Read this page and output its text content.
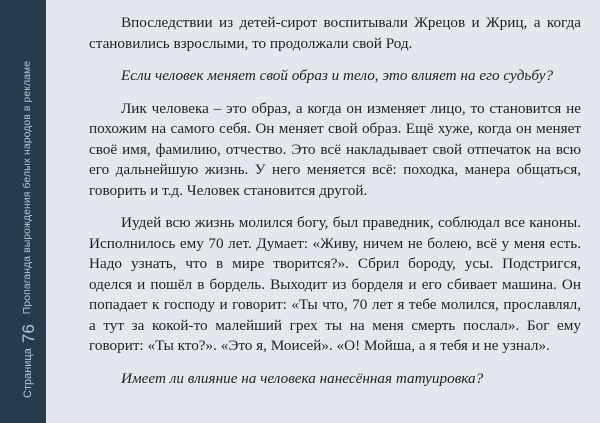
Страница
76
Пропаганда вырождения белых народов в рекламе

Впоследствии из детей-сирот воспитывали Жрецов и Жриц, а когда становились взрослыми, то продолжали свой Род.

Если человек меняет свой образ и тело, это влияет на его судьбу?

Лик человека – это образ, а когда он изменяет лицо, то становится не похожим на самого себя. Он меняет свой образ. Ещё хуже, когда он меняет своё имя, фамилию, отчество. Это всё накладывает свой отпечаток на всю его дальнейшую жизнь. У него меняется всё: походка, манера общаться, говорить и т.д. Человек становится другой.

Иудей всю жизнь молился богу, был праведник, соблюдал все каноны. Исполнилось ему 70 лет. Думает: «Живу, ничем не болею, всё у меня есть. Надо узнать, что в мире творится?». Сбрил бороду, усы. Подстригся, оделся и пошёл в бордель. Выходит из борделя и его сбивает машина. Он попадает к господу и говорит: «Ты что, 70 лет я тебе молился, прославлял, а тут за кокой-то малейший грех ты на меня смерть послал». Бог ему говорит: «Ты кто?». «Это я, Моисей». «О! Мойша, а я тебя и не узнал».

Имеет ли влияние на человека нанесённая татуировка?
